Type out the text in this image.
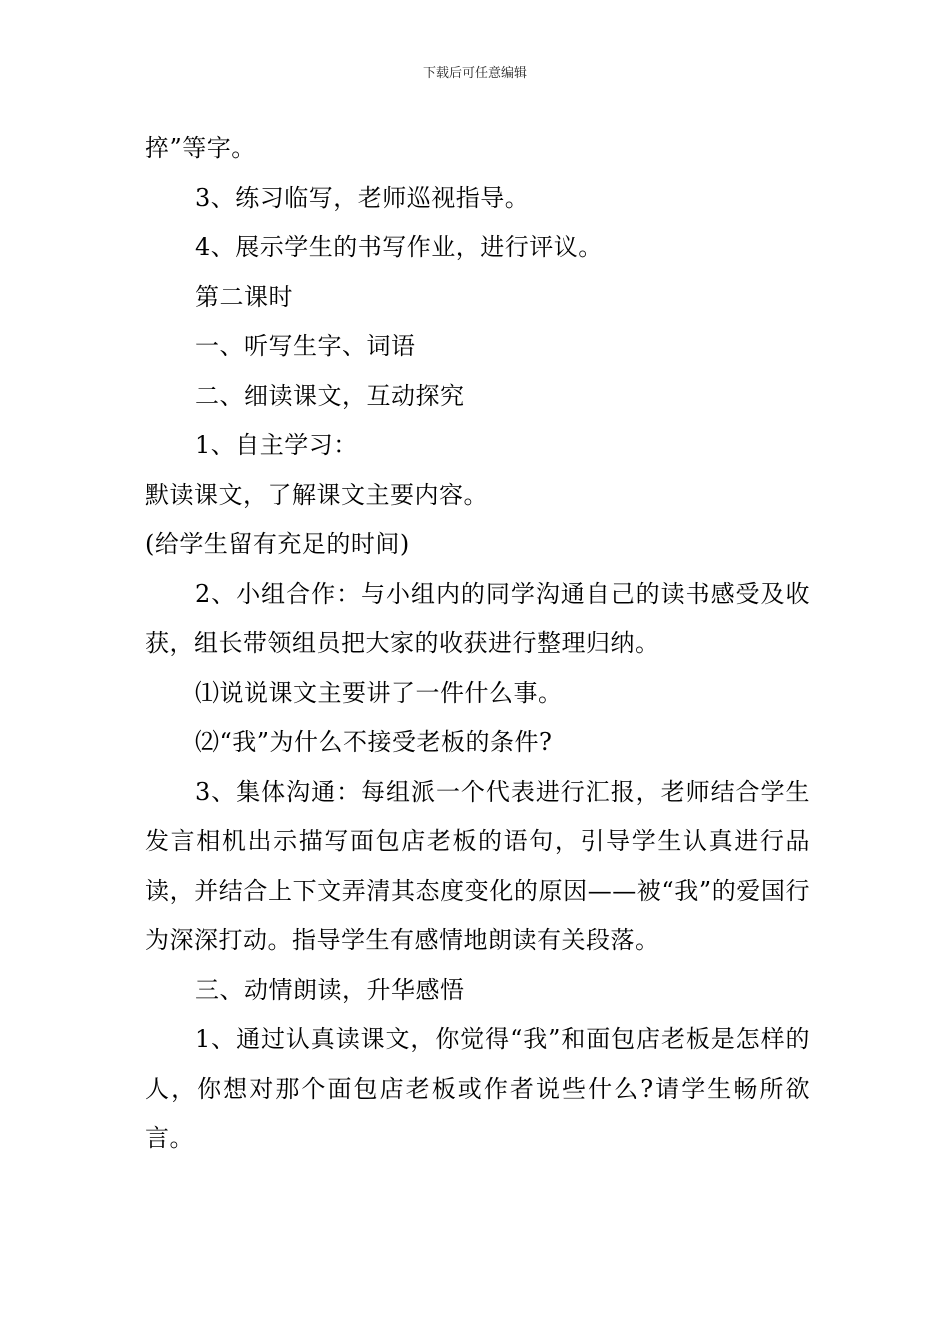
下载后可任意编辑

捽”等字。

3、练习临写，老师巡视指导。

4、展示学生的书写作业，进行评议。

第二课时

一、听写生字、词语

二、细读课文，互动探究

1、自主学习：

默读课文，了解课文主要内容。

(给学生留有充足的时间)

2、小组合作：与小组内的同学沟通自己的读书感受及收获，组长带领组员把大家的收获进行整理归纳。

⑴说说课文主要讲了一件什么事。

⑵“我”为什么不接受老板的条件?

3、集体沟通：每组派一个代表进行汇报，老师结合学生发言相机出示描写面包店老板的语句，引导学生认真进行品读，并结合上下文弄清其态度变化的原因——被“我”的爱国行为深深打动。指导学生有感情地朗读有关段落。

三、动情朗读，升华感悟

1、通过认真读课文，你觉得“我”和面包店老板是怎样的人，你想对那个面包店老板或作者说些什么?请学生畅所欲言。
